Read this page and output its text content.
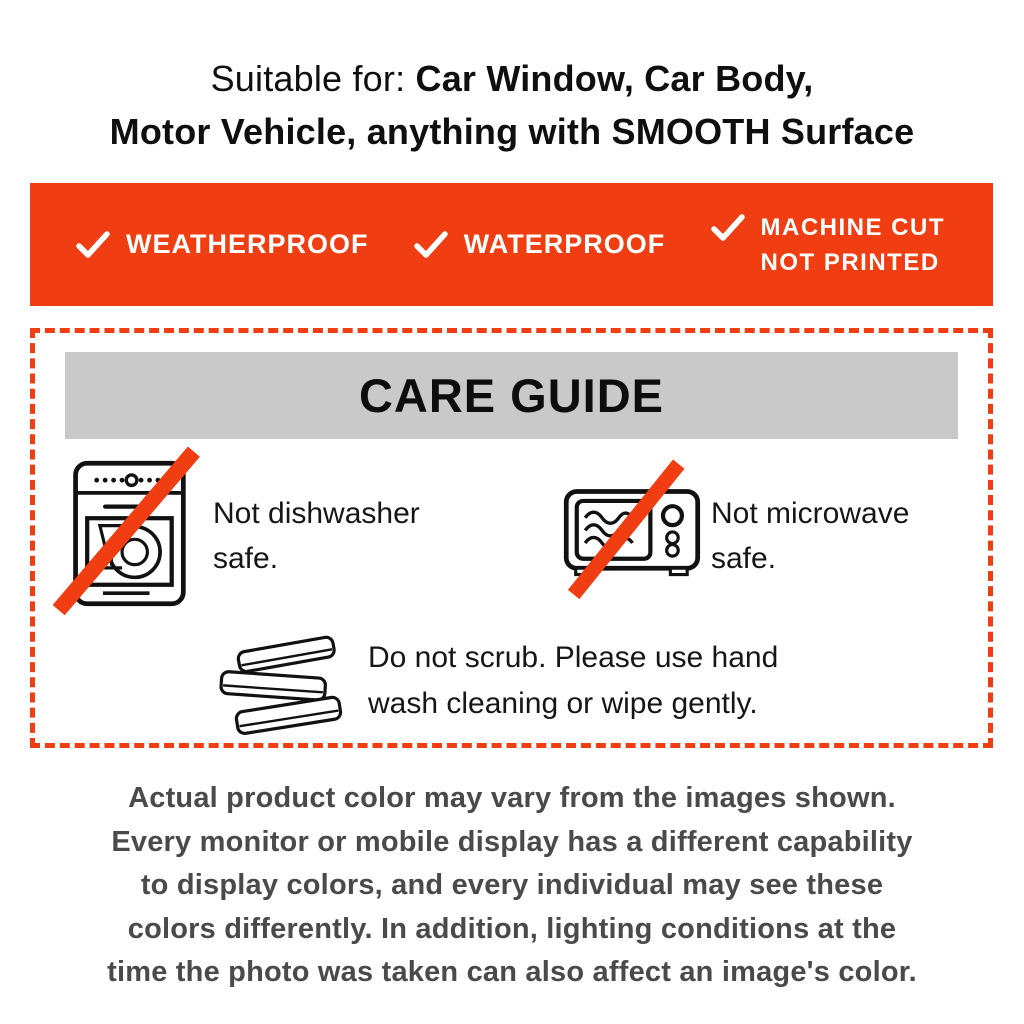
Suitable for: Car Window, Car Body,
Motor Vehicle, anything with SMOOTH Surface
WEATHERPROOF	WATERPROOF
MACHINE CUT
NOT PRINTED
CARE GUIDE
Not dishwasher
safe.
Not microwave
safe.
Do not scrub. Please use hand
wash cleaning or wipe gently.
Actual product color may vary from the images shown.
Every monitor or mobile display has a different capability
to display colors, and every individual may see these
colors differently. In addition, lighting conditions at the
time the photo was taken can also affect an image's color.
